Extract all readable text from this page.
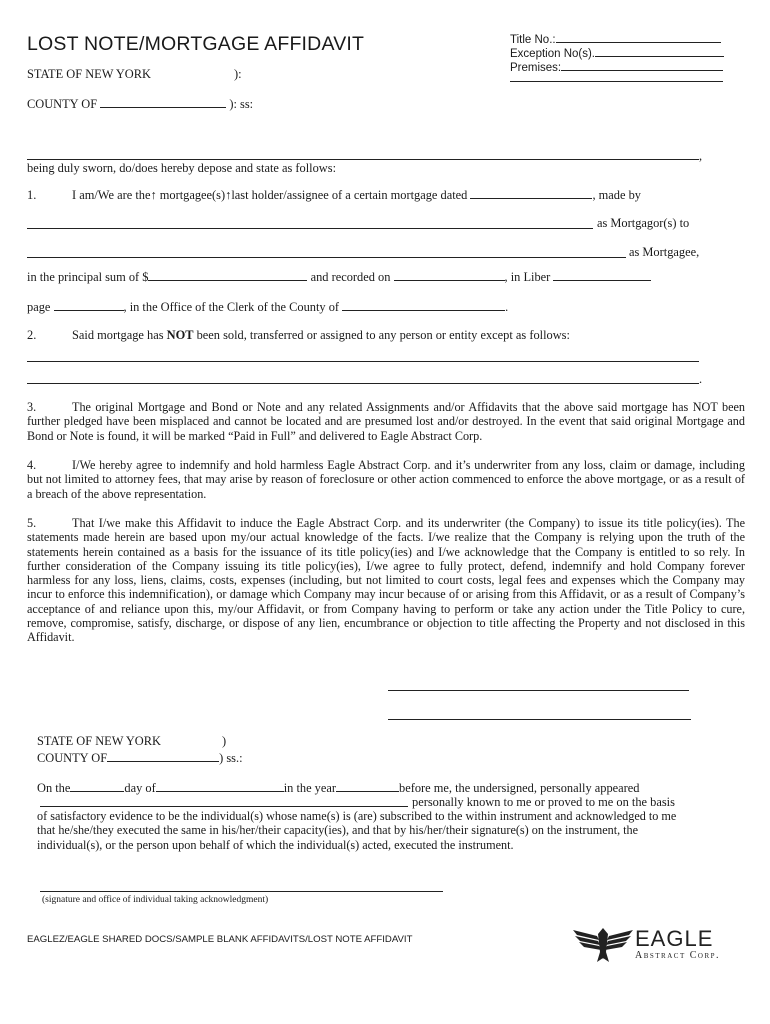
LOST NOTE/MORTGAGE AFFIDAVIT	Title No.:
Exception No(s).
Premises:
STATE OF NEW YORK	):
COUNTY OF	): ss:
,
being duly sworn, do/does hereby depose and state as follows:
1.	I am/We are the↑ mortgagee(s)↑last holder/assignee of a certain mortgage dated	, made by
as Mortgagor(s) to
as Mortgagee,
in the principal sum of $	and recorded on	, in Liber
page	, in the Office of the Clerk of the County of	.
2.	Said mortgage has NOT been sold, transferred or assigned to any person or entity except as follows:
.
3.	The original Mortgage and Bond or Note and any related Assignments and/or Affidavits that the above said mortgage has NOT been further pledged have been misplaced and cannot be located and are presumed lost and/or destroyed. In the event that said original Mortgage and Bond or Note is found, it will be marked “Paid in Full” and delivered to Eagle Abstract Corp.
4.	I/We hereby agree to indemnify and hold harmless Eagle Abstract Corp. and it’s underwriter from any loss, claim or damage, including but not limited to attorney fees, that may arise by reason of foreclosure or other action commenced to enforce the above mortgage, or as a result of a breach of the above representation.
5.	That I/we make this Affidavit to induce the Eagle Abstract Corp. and its underwriter (the Company) to issue its title policy(ies). The statements made herein are based upon my/our actual knowledge of the facts. I/we realize that the Company is relying upon the truth of the statements herein contained as a basis for the issuance of its title policy(ies) and I/we acknowledge that the Company is entitled to so rely. In further consideration of the Company issuing its title policy(ies), I/we agree to fully protect, defend, indemnify and hold Company forever harmless for any loss, liens, claims, costs, expenses (including, but not limited to court costs, legal fees and expenses which the Company may incur to enforce this indemnification), or damage which Company may incur because of or arising from this Affidavit, or as a result of Company’s acceptance of and reliance upon this, my/our Affidavit, or from Company having to perform or take any action under the Title Policy to cure, remove, compromise, satisfy, discharge, or dispose of any lien, encumbrance or objection to title affecting the Property and not disclosed in this Affidavit.
STATE OF NEW YORK	)
COUNTY OF	) ss.:
On the	day of	in the year	before me, the undersigned, personally appeared
personally known to me or proved to me on the basis
of satisfactory evidence to be the individual(s) whose name(s) is (are) subscribed to the within instrument and acknowledged to me that he/she/they executed the same in his/her/their capacity(ies), and that by his/her/their signature(s) on the instrument, the individual(s), or the person upon behalf of which the individual(s) acted, executed the instrument.
(signature and office of individual taking acknowledgment)
EAGLEZ/EAGLE SHARED DOCS/SAMPLE BLANK AFFIDAVITS/LOST NOTE AFFIDAVIT	EAGLE
Abstract Corp.
